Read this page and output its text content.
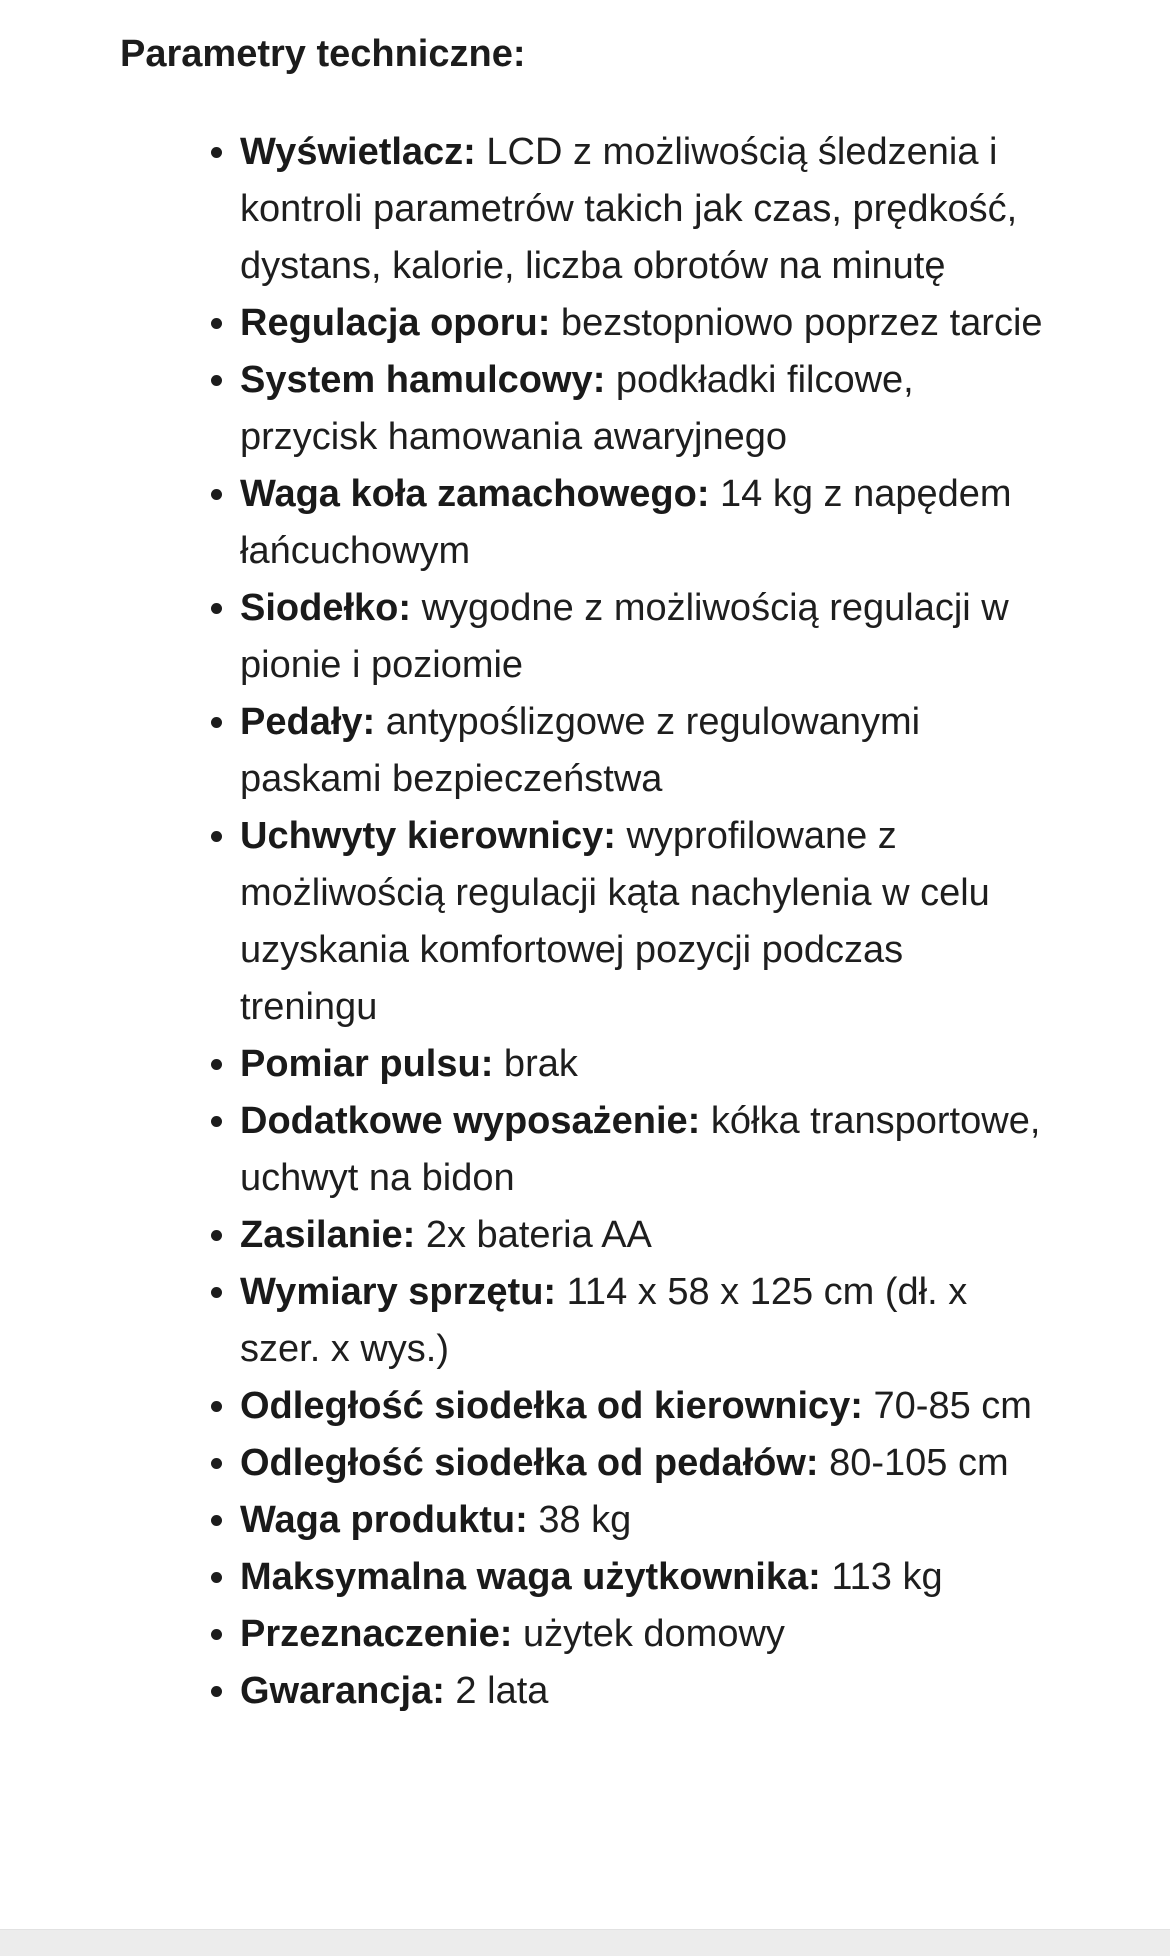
Parametry techniczne:
• Wyświetlacz: LCD z możliwością śledzenia i kontroli parametrów takich jak czas, prędkość, dystans, kalorie, liczba obrotów na minutę
• Regulacja oporu: bezstopniowo poprzez tarcie
• System hamulcowy: podkładki filcowe, przycisk hamowania awaryjnego
• Waga koła zamachowego: 14 kg z napędem łańcuchowym
• Siodełko: wygodne z możliwością regulacji w pionie i poziomie
• Pedały: antypoślizgowe z regulowanymi paskami bezpieczeństwa
• Uchwyty kierownicy: wyprofilowane z możliwością regulacji kąta nachylenia w celu uzyskania komfortowej pozycji podczas treningu
• Pomiar pulsu: brak
• Dodatkowe wyposażenie: kółka transportowe, uchwyt na bidon
• Zasilanie: 2x bateria AA
• Wymiary sprzętu: 114 x 58 x 125 cm (dł. x szer. x wys.)
• Odległość siodełka od kierownicy: 70-85 cm
• Odległość siodełka od pedałów: 80-105 cm
• Waga produktu: 38 kg
• Maksymalna waga użytkownika: 113 kg
• Przeznaczenie: użytek domowy
• Gwarancja: 2 lata
